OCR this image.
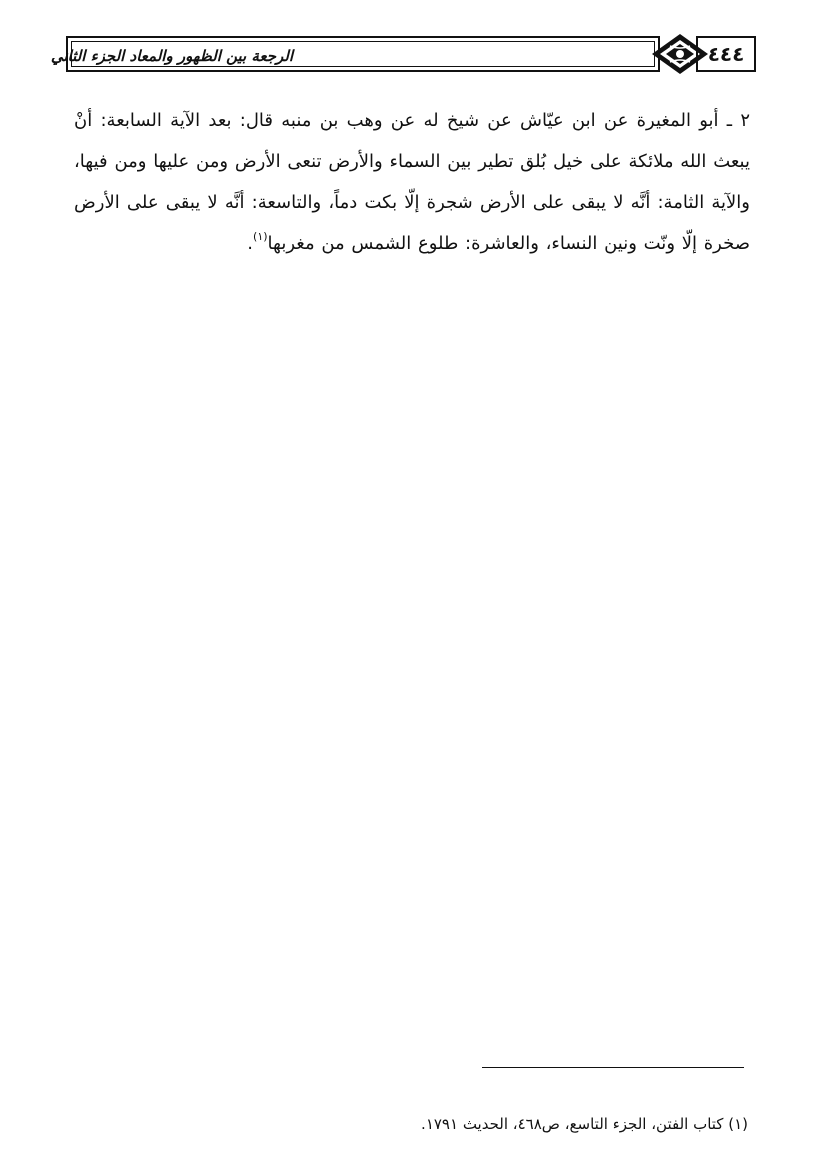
الرجعة بين الظهور والمعاد الجزء الثاني	٤٤٤
٢ ـ أبو المغيرة عن ابن عيّاش عن شيخ له عن وهب بن منبه قال: بعد الآية السابعة: أنْ يبعث الله ملائكة على خيل بُلق تطير بين السماء والأرض تنعى الأرض ومن عليها ومن فيها، والآية الثامة: أنَّه لا يبقى على الأرض شجرة إلّا بكت دماً، والتاسعة: أنَّه لا يبقى على الأرض صخرة إلّا ونّت ونين النساء، والعاشرة: طلوع الشمس من مغربها$^{(١)}$.
(١) كتاب الفتن، الجزء التاسع، ص٤٦٨، الحديث ١٧٩١.
